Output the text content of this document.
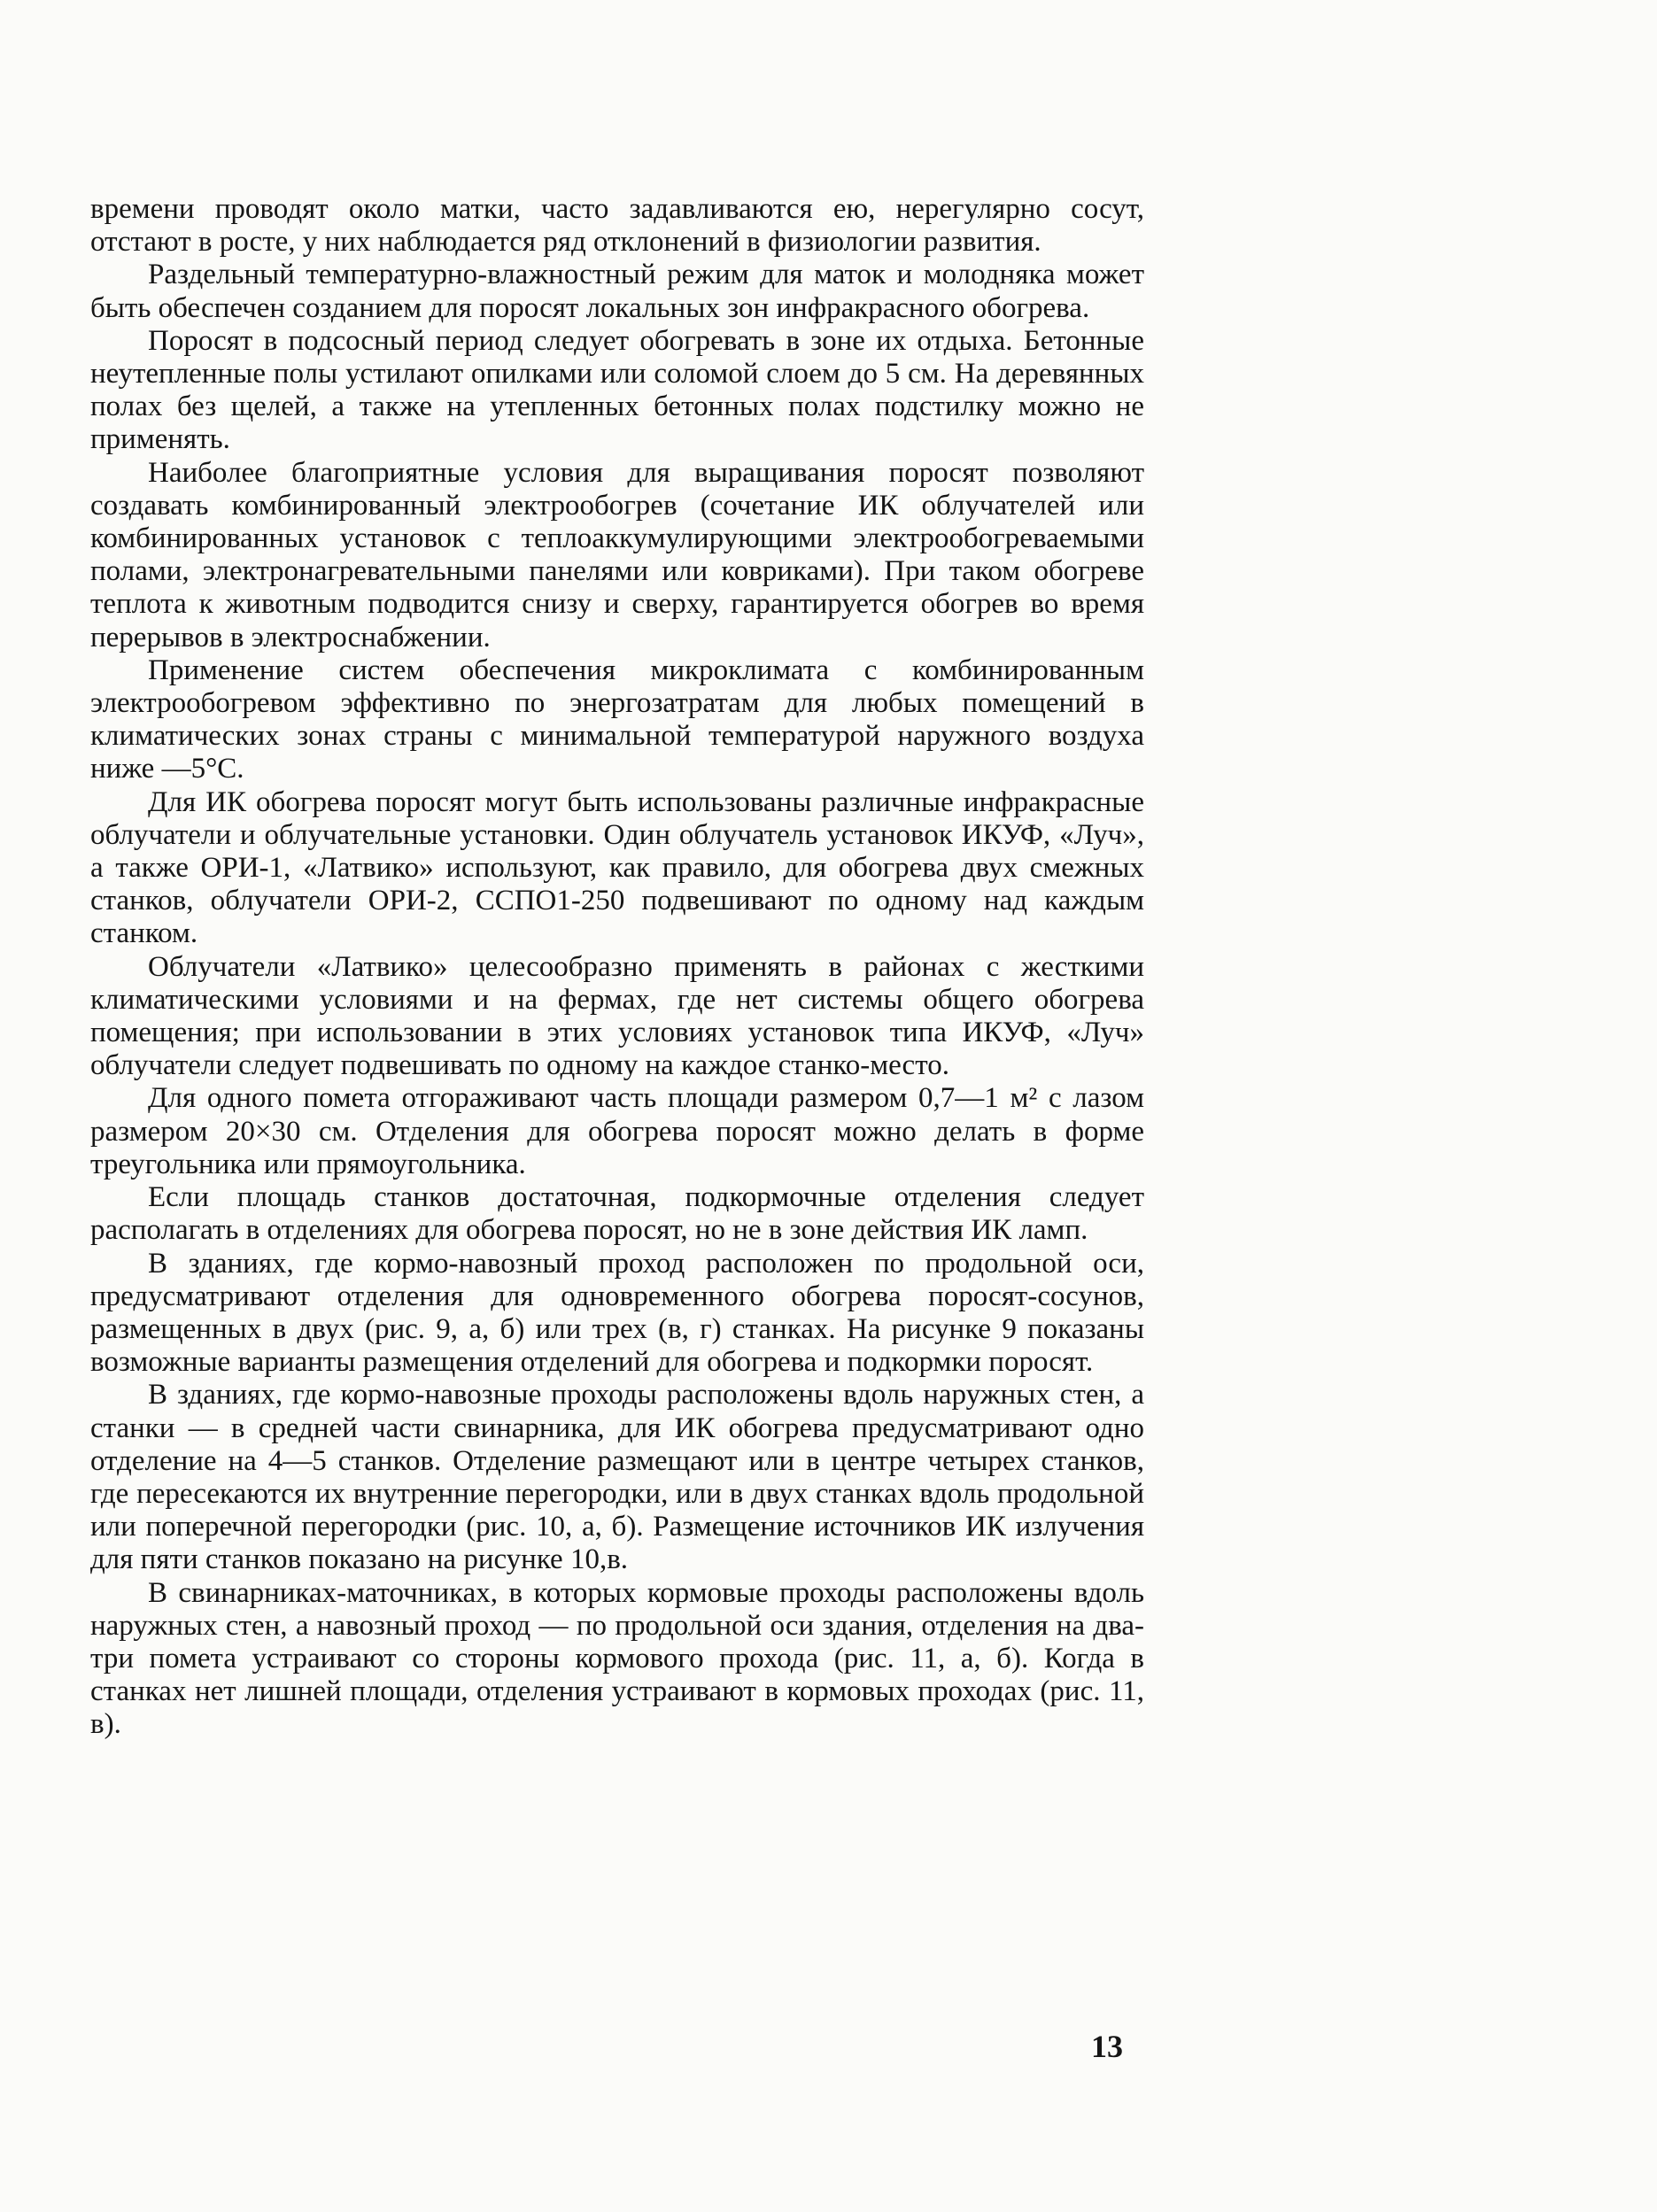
времени проводят около матки, часто задавливаются ею, нерегулярно сосут, отстают в росте, у них наблюдается ряд отклонений в физиологии развития.

Раздельный температурно-влажностный режим для маток и молодняка может быть обеспечен созданием для поросят локальных зон инфракрасного обогрева.

Поросят в подсосный период следует обогревать в зоне их отдыха. Бетонные неутепленные полы устилают опилками или соломой слоем до 5 см. На деревянных полах без щелей, а также на утепленных бетонных полах подстилку можно не применять.

Наиболее благоприятные условия для выращивания поросят позволяют создавать комбинированный электрообогрев (сочетание ИК облучателей или комбинированных установок с теплоаккумулирующими электрообогреваемыми полами, электронагревательными панелями или ковриками). При таком обогреве теплота к животным подводится снизу и сверху, гарантируется обогрев во время перерывов в электроснабжении.

Применение систем обеспечения микроклимата с комбинированным электрообогревом эффективно по энергозатратам для любых помещений в климатических зонах страны с минимальной температурой наружного воздуха ниже —5°С.

Для ИК обогрева поросят могут быть использованы различные инфракрасные облучатели и облучательные установки. Один облучатель установок ИКУФ, «Луч», а также ОРИ-1, «Латвико» используют, как правило, для обогрева двух смежных станков, облучатели ОРИ-2, ССПО1-250 подвешивают по одному над каждым станком.

Облучатели «Латвико» целесообразно применять в районах с жесткими климатическими условиями и на фермах, где нет системы общего обогрева помещения; при использовании в этих условиях установок типа ИКУФ, «Луч» облучатели следует подвешивать по одному на каждое станко-место.

Для одного помета отгораживают часть площади размером 0,7—1 м² с лазом размером 20×30 см. Отделения для обогрева поросят можно делать в форме треугольника или прямоугольника.

Если площадь станков достаточная, подкормочные отделения следует располагать в отделениях для обогрева поросят, но не в зоне действия ИК ламп.

В зданиях, где кормо-навозный проход расположен по продольной оси, предусматривают отделения для одновременного обогрева поросят-сосунов, размещенных в двух (рис. 9, а, б) или трех (в, г) станках. На рисунке 9 показаны возможные варианты размещения отделений для обогрева и подкормки поросят.

В зданиях, где кормо-навозные проходы расположены вдоль наружных стен, а станки — в средней части свинарника, для ИК обогрева предусматривают одно отделение на 4—5 станков. Отделение размещают или в центре четырех станков, где пересекаются их внутренние перегородки, или в двух станках вдоль продольной или поперечной перегородки (рис. 10, а, б). Размещение источников ИК излучения для пяти станков показано на рисунке 10,в.

В свинарниках-маточниках, в которых кормовые проходы расположены вдоль наружных стен, а навозный проход — по продольной оси здания, отделения на два-три помета устраивают со стороны кормового прохода (рис. 11, а, б). Когда в станках нет лишней площади, отделения устраивают в кормовых проходах (рис. 11, в).

13
